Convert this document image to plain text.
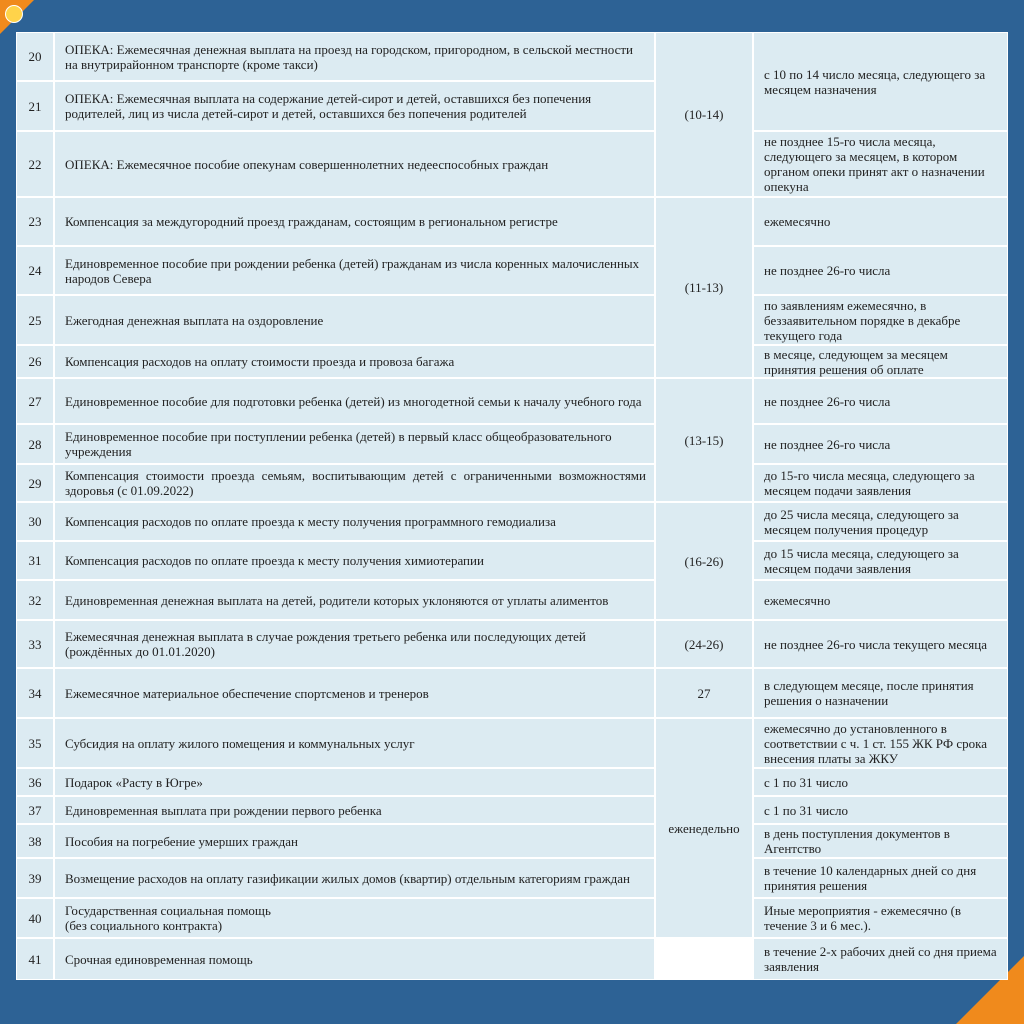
20 ОПЕКА: Ежемесячная денежная выплата на проезд на городском, пригородном, в сельской местности на внутрирайонном транспорте (кроме такси)
21 ОПЕКА: Ежемесячная выплата на содержание детей-сирот и детей, оставшихся без попечения родителей, лиц из числа детей-сирот и детей, оставшихся без попечения родителей
22 ОПЕКА: Ежемесячное пособие опекунам совершеннолетних недееспособных граждан
23 Компенсация за междугородний проезд гражданам, состоящим в региональном регистре
24 Единовременное пособие при рождении ребенка (детей) гражданам из числа коренных малочисленных народов Севера
25 Ежегодная денежная выплата на оздоровление
26 Компенсация расходов на оплату стоимости проезда и провоза багажа
27 Единовременное пособие для подготовки ребенка (детей) из многодетной семьи к началу учебного года
28 Единовременное пособие при поступлении ребенка (детей) в первый класс общеобразовательного учреждения
29 Компенсация стоимости проезда семьям, воспитывающим детей с ограниченными возможностями здоровья (с 01.09.2022)
30 Компенсация расходов по оплате проезда к месту получения программного гемодиализа
31 Компенсация расходов по оплате проезда к месту получения химиотерапии
32 Единовременная денежная выплата на детей, родители которых уклоняются от уплаты алиментов
33 Ежемесячная денежная выплата в случае рождения третьего ребенка или последующих детей (рождённых до 01.01.2020)
34 Ежемесячное материальное обеспечение спортсменов и тренеров
35 Субсидия на оплату жилого помещения и коммунальных услуг
36 Подарок «Расту в Югре»
37 Единовременная выплата при рождении первого ребенка
38 Пособия на погребение умерших граждан
39 Возмещение расходов на оплату газификации жилых домов (квартир) отдельным категориям граждан
40 Государственная социальная помощь
(без социального контракта)
41 Срочная единовременная помощь
(10-14)
(11-13)
(13-15)
(16-26)
(24-26)
27
еженедельно
с 10 по 14 число месяца, следующего за месяцем назначения
не позднее 15-го числа месяца, следующего за месяцем, в котором органом опеки принят акт о назначении опекуна
ежемесячно
не позднее 26-го числа
по заявлениям ежемесячно, в беззаявительном порядке в декабре текущего года
в месяце, следующем за месяцем принятия решения об оплате
не позднее 26-го числа
не позднее 26-го числа
до 15-го числа месяца, следующего за месяцем подачи заявления
до 25 числа месяца, следующего за месяцем получения процедур
до 15 числа месяца, следующего за месяцем подачи заявления
ежемесячно
не позднее 26-го числа текущего месяца
в следующем месяце, после принятия решения о назначении
ежемесячно до установленного в соответствии с ч. 1 ст. 155 ЖК РФ срока внесения платы за ЖКУ
с 1 по 31 число
с 1 по 31 число
в день поступления документов в Агентство
в течение 10 календарных дней со дня принятия решения
Иные мероприятия - ежемесячно (в течение 3 и 6 мес.).
в течение 2-х рабочих дней со дня приема заявления
